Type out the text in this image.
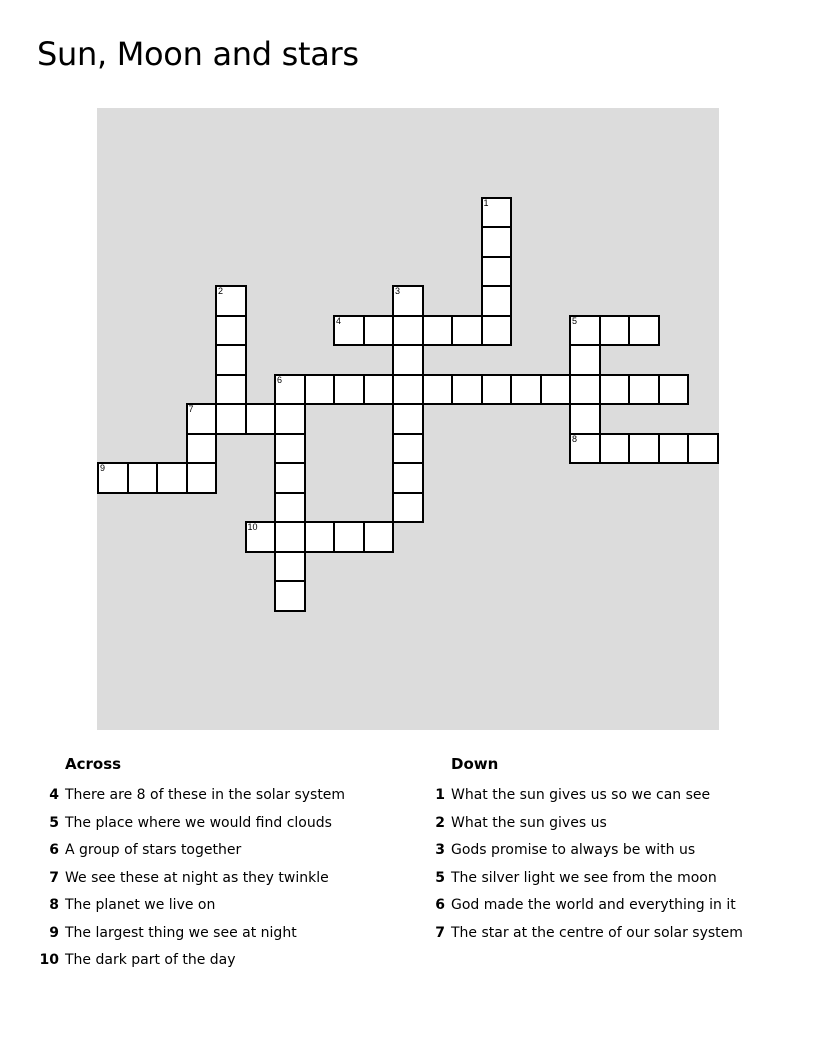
Sun, Moon and stars
1
2	3
4	5
8
6
7
9
10
Across	Down
4 There are 8 of these in the solar system
5 The place where we would find clouds
6 A group of stars together
7 We see these at night as they twinkle
8 The planet we live on
9 The largest thing we see at night
10 The dark part of the day
1 What the sun gives us so we can see
2 What the sun gives us
3 Gods promise to always be with us
5 The silver light we see from the moon
6 God made the world and everything in it
7 The star at the centre of our solar system
